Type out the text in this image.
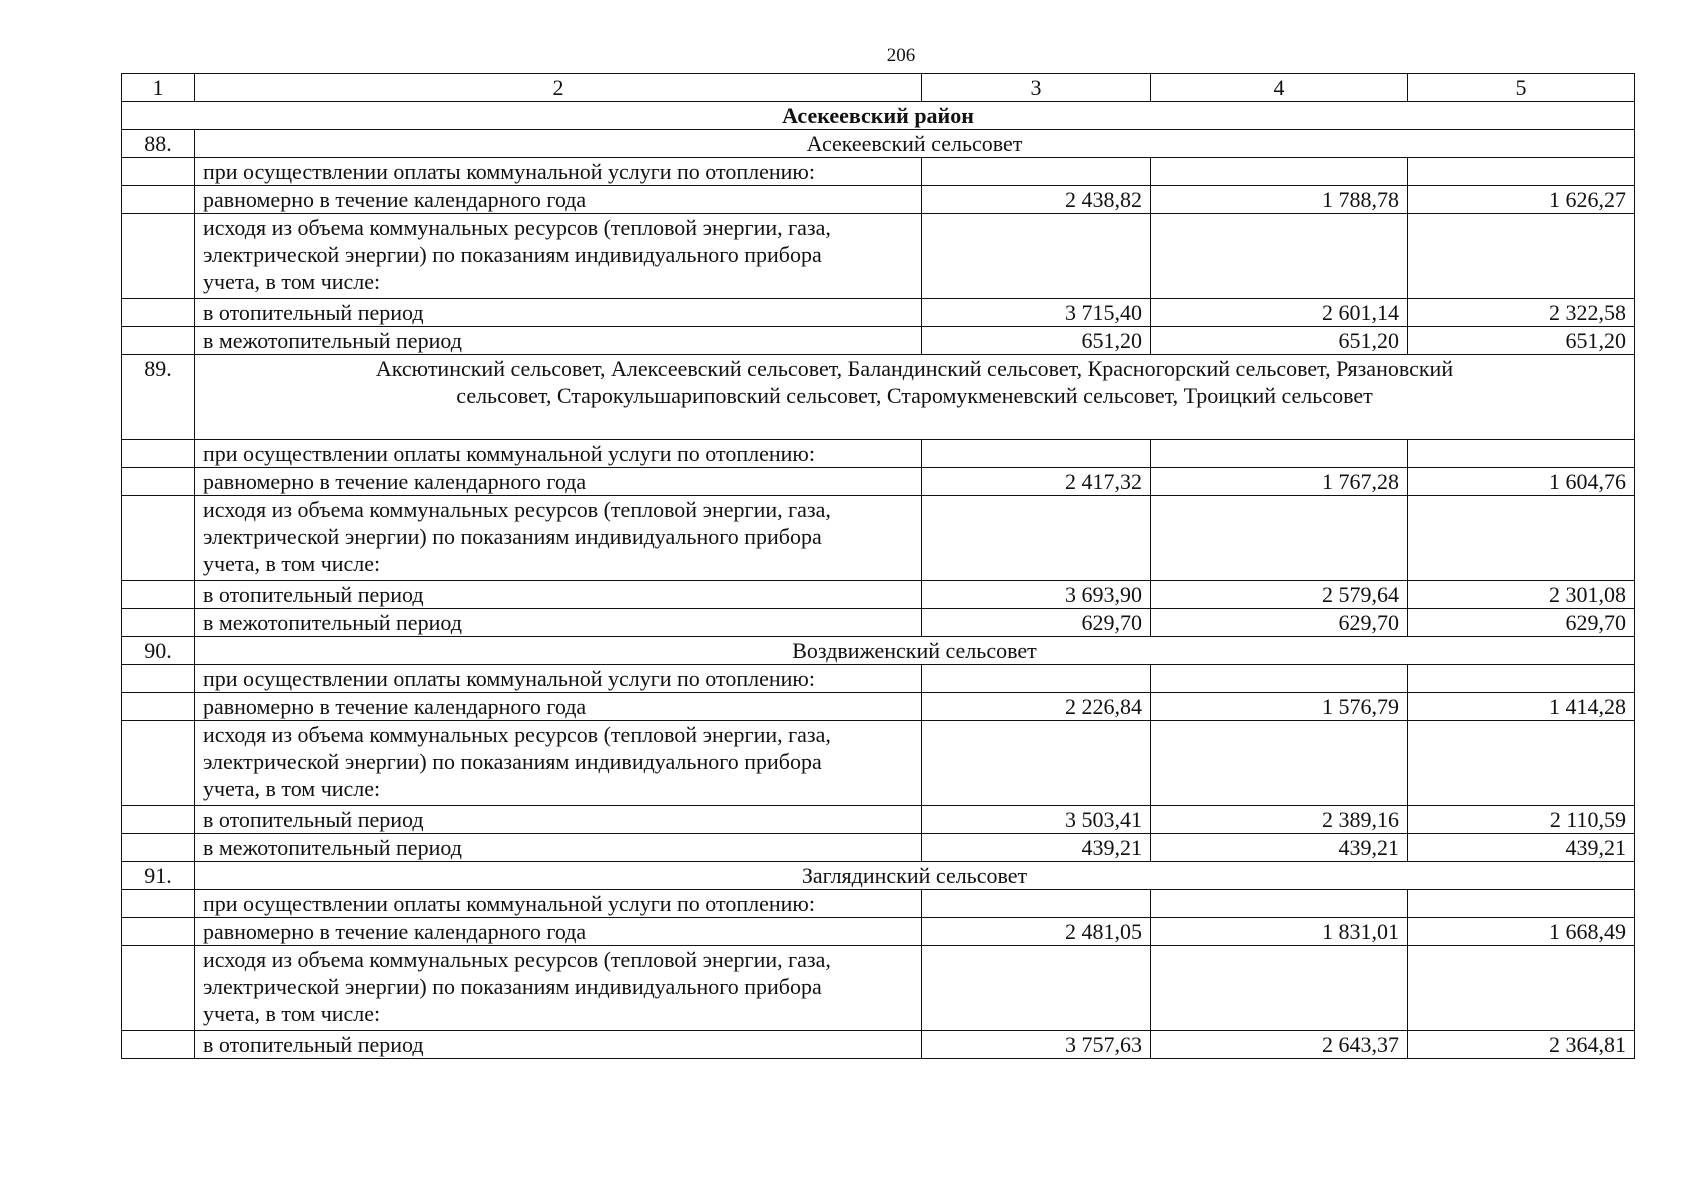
206
1	2	3	4	5
Асекеевский район				
88.	Асекеевский сельсовет			
	при осуществлении оплаты коммунальной услуги по отоплению:			
	равномерно в течение календарного года	2 438,82	1 788,78	1 626,27
	исходя из объема коммунальных ресурсов (тепловой энергии, газа, электрической энергии) по показаниям индивидуального прибора учета, в том числе:			
	в отопительный период	3 715,40	2 601,14	2 322,58
	в межотопительный период	651,20	651,20	651,20
89.	Аксютинский сельсовет, Алексеевский сельсовет, Баландинский сельсовет, Красногорский сельсовет, Рязановский сельсовет, Старокульшариповский сельсовет, Старомукменевский сельсовет, Троицкий сельсовет			
	при осуществлении оплаты коммунальной услуги по отоплению:			
	равномерно в течение календарного года	2 417,32	1 767,28	1 604,76
	исходя из объема коммунальных ресурсов (тепловой энергии, газа, электрической энергии) по показаниям индивидуального прибора учета, в том числе:			
	в отопительный период	3 693,90	2 579,64	2 301,08
	в межотопительный период	629,70	629,70	629,70
90.	Воздвиженский сельсовет			
	при осуществлении оплаты коммунальной услуги по отоплению:			
	равномерно в течение календарного года	2 226,84	1 576,79	1 414,28
	исходя из объема коммунальных ресурсов (тепловой энергии, газа, электрической энергии) по показаниям индивидуального прибора учета, в том числе:			
	в отопительный период	3 503,41	2 389,16	2 110,59
	в межотопительный период	439,21	439,21	439,21
91.	Заглядинский сельсовет			
	при осуществлении оплаты коммунальной услуги по отоплению:			
	равномерно в течение календарного года	2 481,05	1 831,01	1 668,49
	исходя из объема коммунальных ресурсов (тепловой энергии, газа, электрической энергии) по показаниям индивидуального прибора учета, в том числе:			
	в отопительный период	3 757,63	2 643,37	2 364,81
